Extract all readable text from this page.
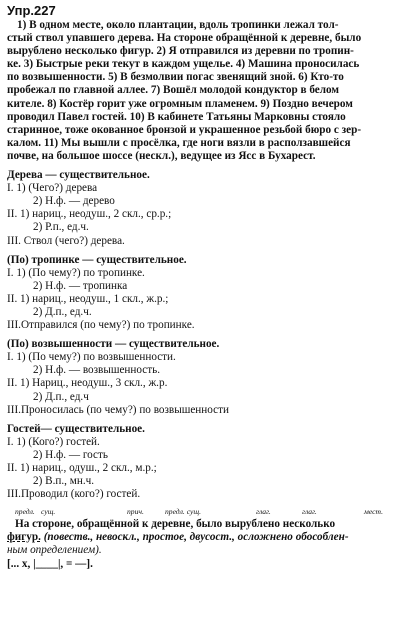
Упр.227
1) В одном месте, около плантации, вдоль тропинки лежал тол-
стый ствол упавшего дерева. На стороне обращённой к деревне, было
вырублено несколько фигур. 2) Я отправился из деревни по тропин-
ке. 3) Быстрые реки текут в каждом ущелье. 4) Машина проносилась
по возвышенности. 5) В безмолвии погас звенящий зной. 6) Кто-то
пробежал по главной аллее. 7) Вошёл молодой кондуктор в белом
кителе. 8) Костёр горит уже огромным пламенем. 9) Поздно вечером
проводил Павел гостей. 10) В кабинете Татьяны Марковны стояло
старинное, тоже окованное бронзой и украшенное резьбой бюро с зер-
калом. 11) Мы вышли с просёлка, где ноги вязли в расползавшейся
почве, на большое шоссе (нескл.), ведущее из Ясс в Бухарест.
Дерева — существительное.
I. 1) (Чего?) дерева
2) Н.ф. — дерево
II. 1) нариц., неодуш., 2 скл., ср.р.;
2) Р.п., ед.ч.
III. Ствол (чего?) дерева.
(По) тропинке — существительное.
I. 1) (По чему?) по тропинке.
2) Н.ф. — тропинка
II. 1) нариц., неодуш., 1 скл., ж.р.;
2) Д.п., ед.ч.
III.Отправился (по чему?) по тропинке.
(По) возвышенности — существительное.
I. 1) (По чему?) по возвышенности.
2) Н.ф. — возвышенность.
II. 1) Нариц., неодуш., 3 скл., ж.р.
2) Д.п., ед.ч
III.Проносилась (по чему?) по возвышенности
Гостей— существительное.
I. 1) (Кого?) гостей.
2) Н.ф. — гость
II. 1) нариц., одуш., 2 скл., м.р.;
2) В.п., мн.ч.
III.Проводил (кого?) гостей.
предл. сущ.	прич.	предл. сущ.	глаг.	глаг.	мест.
На стороне, обращённой к деревне, было вырублено несколько
фигур. (повеств., невоскл., простое, двусост., осложнено обособлен-
ным определением).
[... х, |____|, = —].
